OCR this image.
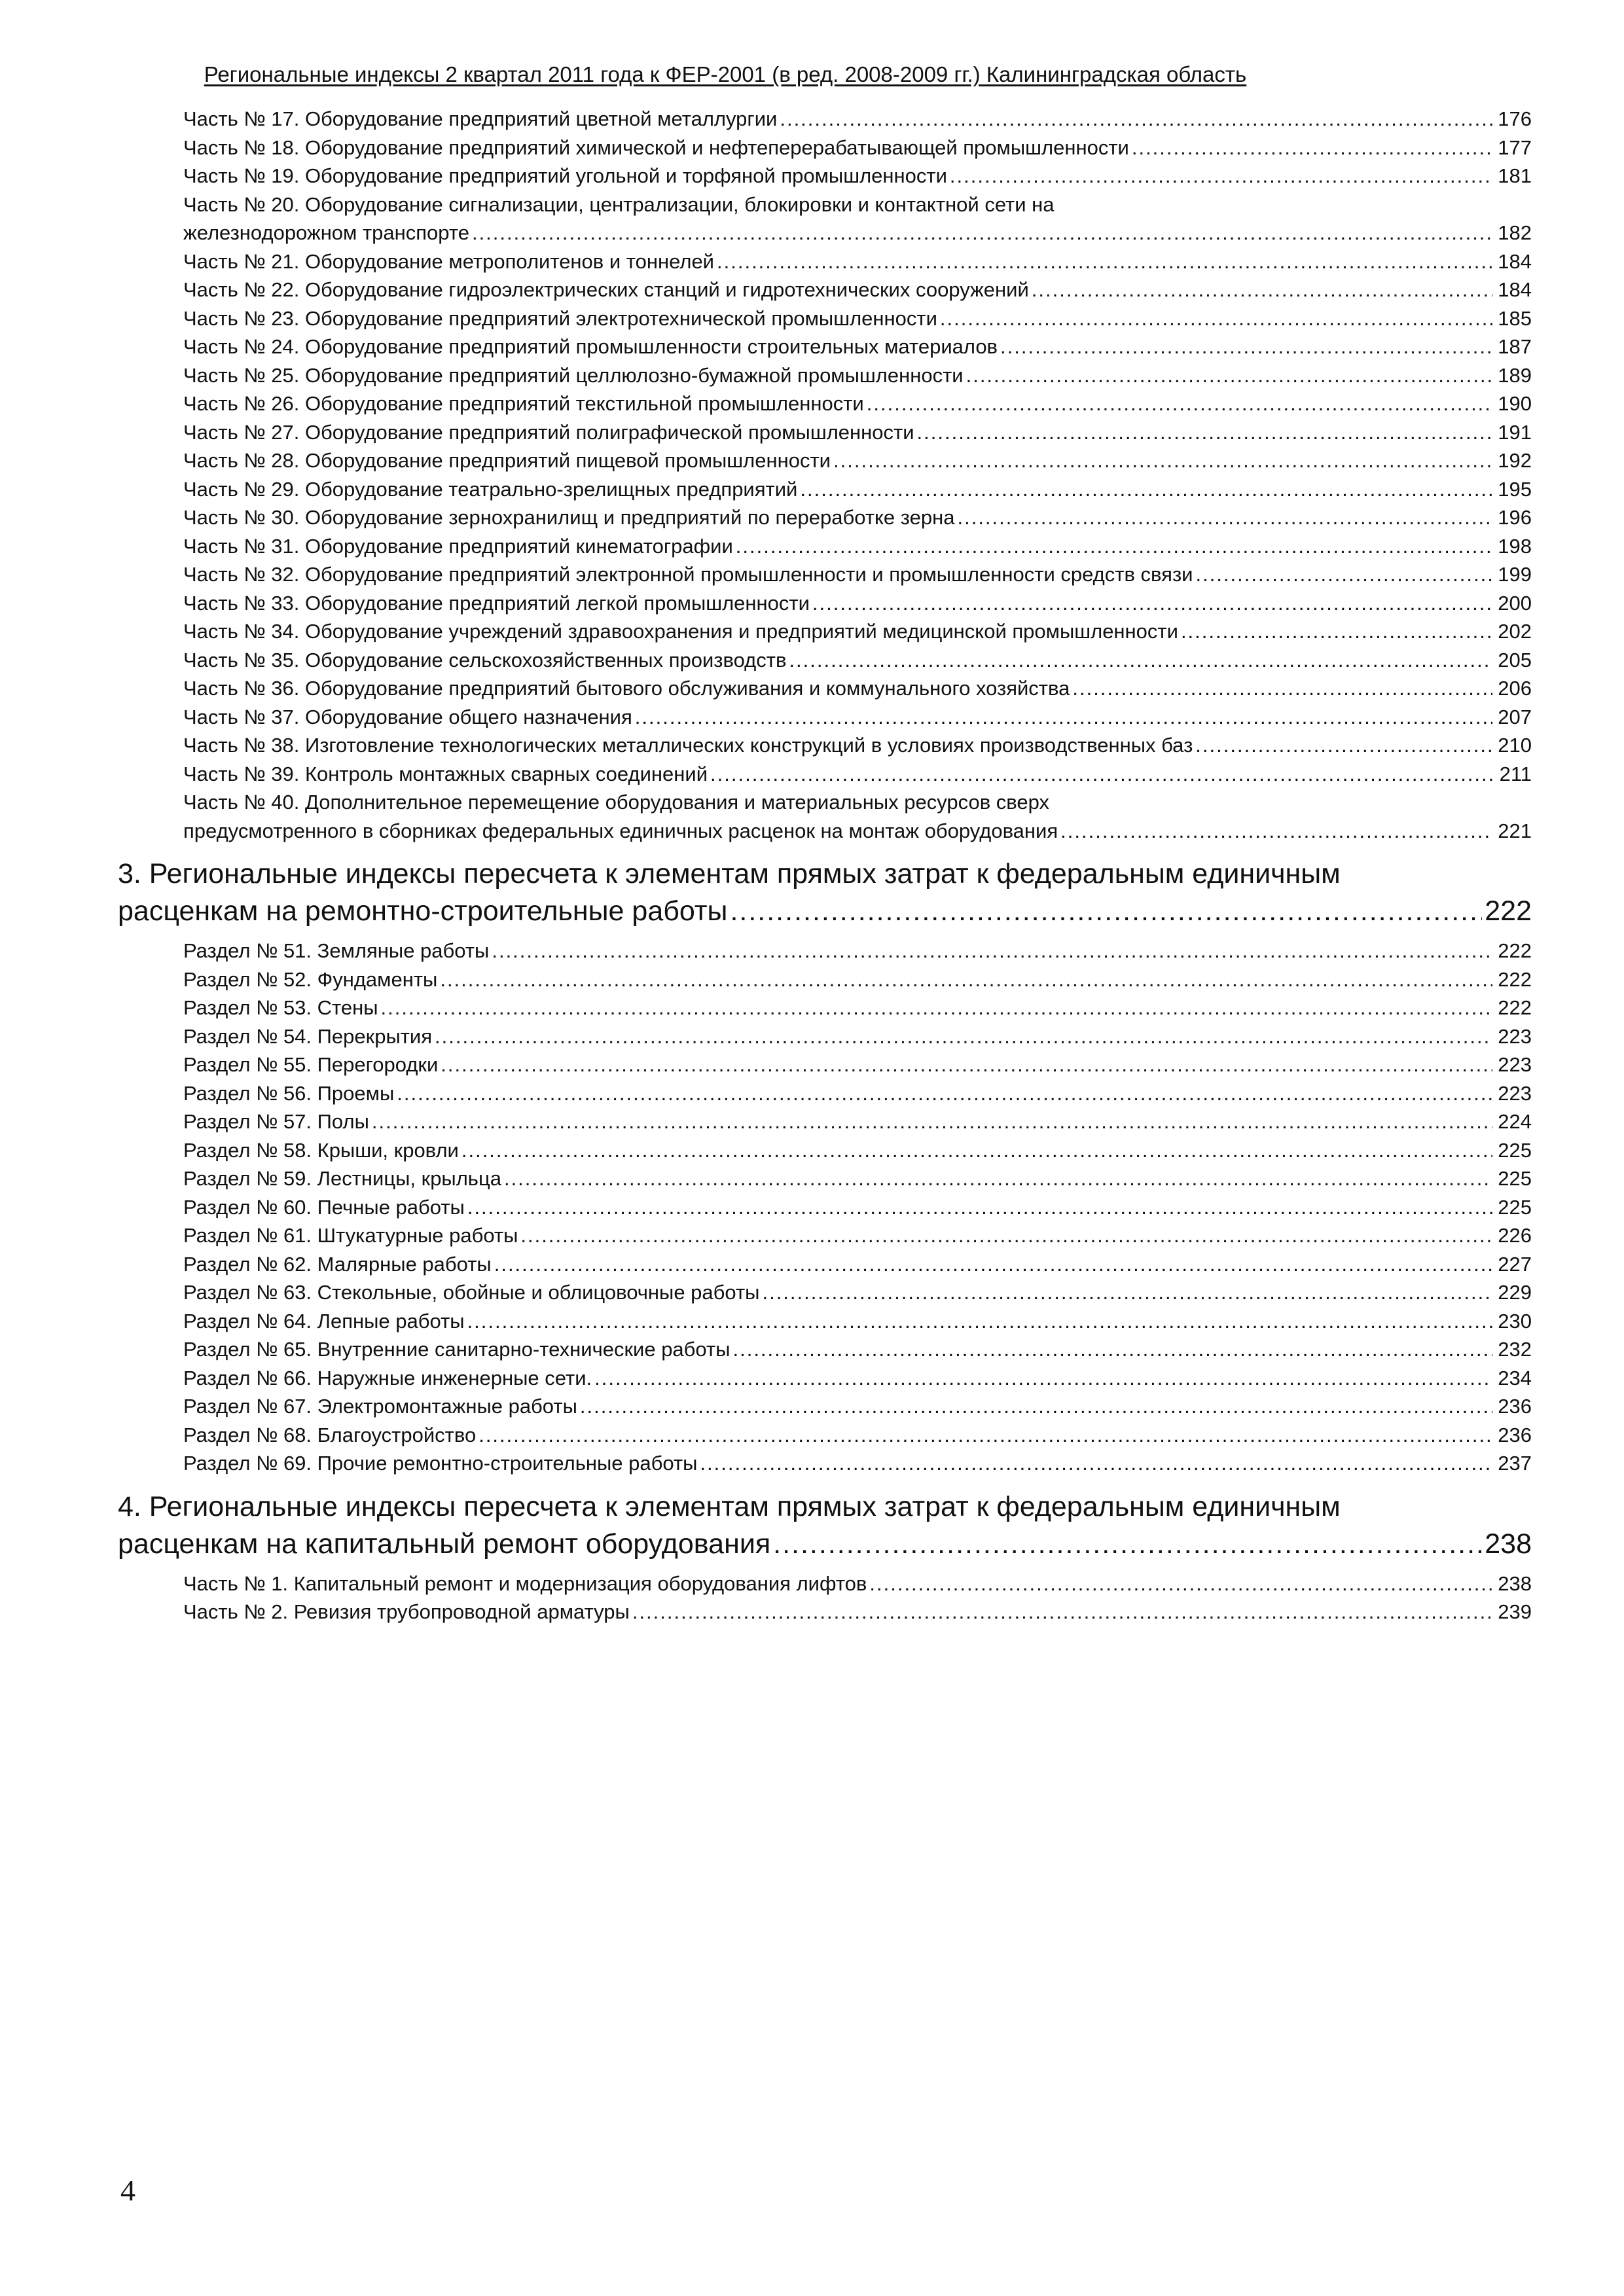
Региональные индексы 2 квартал 2011 года к ФЕР-2001 (в ред. 2008-2009 гг.) Калининградская область
Часть № 17. Оборудование предприятий цветной металлургии .....	176
Часть № 18. Оборудование предприятий химической и нефтеперерабатывающей промышленности .....	177
Часть № 19. Оборудование предприятий угольной и торфяной промышленности .....	181
Часть № 20. Оборудование сигнализации, централизации, блокировки и контактной сети на
железнодорожном транспорте .....	182
Часть № 21. Оборудование метрополитенов и тоннелей .....	184
Часть № 22. Оборудование гидроэлектрических станций и гидротехнических сооружений .....	184
Часть № 23. Оборудование предприятий электротехнической промышленности .....	185
Часть № 24. Оборудование предприятий промышленности строительных материалов .....	187
Часть № 25. Оборудование предприятий целлюлозно-бумажной промышленности .....	189
Часть № 26. Оборудование предприятий текстильной промышленности .....	190
Часть № 27. Оборудование предприятий полиграфической промышленности .....	191
Часть № 28. Оборудование предприятий пищевой промышленности .....	192
Часть № 29. Оборудование театрально-зрелищных предприятий .....	195
Часть № 30. Оборудование зернохранилищ и предприятий по переработке зерна .....	196
Часть № 31. Оборудование предприятий кинематографии .....	198
Часть № 32. Оборудование предприятий электронной промышленности и промышленности средств связи .....	199
Часть № 33. Оборудование предприятий легкой промышленности .....	200
Часть № 34. Оборудование учреждений здравоохранения и предприятий медицинской промышленности .....	202
Часть № 35. Оборудование сельскохозяйственных производств .....	205
Часть № 36. Оборудование предприятий бытового обслуживания и коммунального хозяйства .....	206
Часть № 37. Оборудование общего назначения .....	207
Часть № 38. Изготовление технологических металлических конструкций в условиях производственных баз .....	210
Часть № 39. Контроль монтажных сварных соединений .....	211
Часть № 40. Дополнительное перемещение оборудования и материальных ресурсов сверх
предусмотренного в сборниках федеральных единичных расценок на монтаж оборудования .....	221
3. Региональные индексы пересчета к элементам прямых затрат к федеральным единичным
расценкам на ремонтно-строительные работы .....	222
Раздел № 51. Земляные работы .....	222
Раздел № 52. Фундаменты .....	222
Раздел № 53. Стены .....	222
Раздел № 54. Перекрытия .....	223
Раздел № 55. Перегородки .....	223
Раздел № 56. Проемы .....	223
Раздел № 57. Полы .....	224
Раздел № 58. Крыши, кровли .....	225
Раздел № 59. Лестницы, крыльца .....	225
Раздел № 60. Печные работы .....	225
Раздел № 61. Штукатурные работы .....	226
Раздел № 62. Малярные работы .....	227
Раздел № 63. Стекольные, обойные и облицовочные работы .....	229
Раздел № 64. Лепные работы .....	230
Раздел № 65. Внутренние санитарно-технические работы .....	232
Раздел № 66. Наружные инженерные сети. .....	234
Раздел № 67. Электромонтажные работы .....	236
Раздел № 68. Благоустройство .....	236
Раздел № 69. Прочие ремонтно-строительные работы .....	237
4. Региональные индексы пересчета к элементам прямых затрат к федеральным единичным
расценкам на капитальный ремонт оборудования .....	238
Часть № 1. Капитальный ремонт и модернизация оборудования лифтов .....	238
Часть № 2. Ревизия трубопроводной арматуры .....	239
4
